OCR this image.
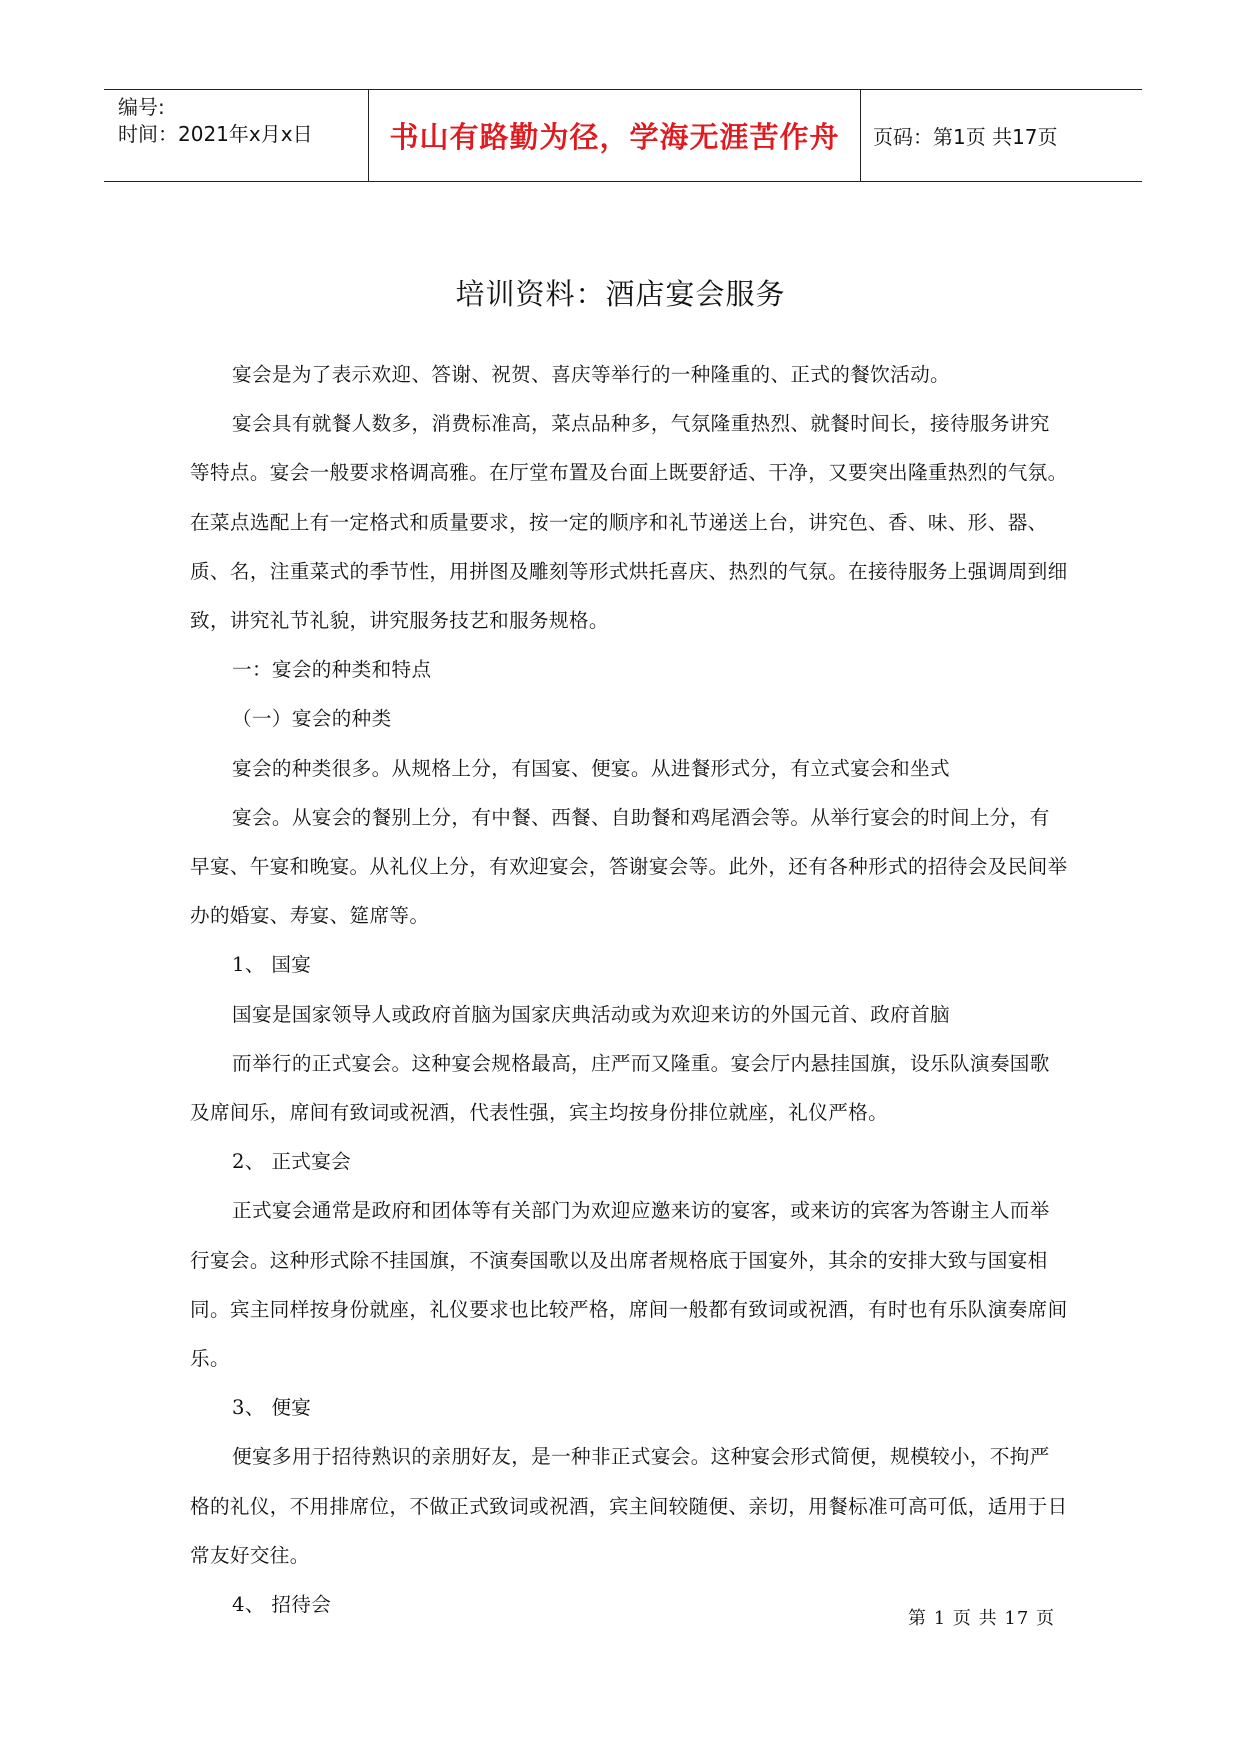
编号:
时间：2021年x月x日	书山有路勤为径，学海无涯苦作舟 页码：第1页 共17页
培训资料：酒店宴会服务

宴会是为了表示欢迎、答谢、祝贺、喜庆等举行的一种隆重的、正式的餐饮活动。

宴会具有就餐人数多，消费标准高，菜点品种多，气氛隆重热烈、就餐时间长，接待服务讲究等特点。宴会一般要求格调高雅。在厅堂布置及台面上既要舒适、干净，又要突出隆重热烈的气氛。在菜点选配上有一定格式和质量要求，按一定的顺序和礼节递送上台，讲究色、香、味、形、器、质、名，注重菜式的季节性，用拼图及雕刻等形式烘托喜庆、热烈的气氛。在接待服务上强调周到细致，讲究礼节礼貌，讲究服务技艺和服务规格。

一：宴会的种类和特点

（一）宴会的种类

宴会的种类很多。从规格上分，有国宴、便宴。从进餐形式分，有立式宴会和坐式

宴会。从宴会的餐别上分，有中餐、西餐、自助餐和鸡尾酒会等。从举行宴会的时间上分，有早宴、午宴和晚宴。从礼仪上分，有欢迎宴会，答谢宴会等。此外，还有各种形式的招待会及民间举办的婚宴、寿宴、筵席等。

1、 国宴

国宴是国家领导人或政府首脑为国家庆典活动或为欢迎来访的外国元首、政府首脑

而举行的正式宴会。这种宴会规格最高，庄严而又隆重。宴会厅内悬挂国旗，设乐队演奏国歌及席间乐，席间有致词或祝酒，代表性强，宾主均按身份排位就座，礼仪严格。

2、 正式宴会

正式宴会通常是政府和团体等有关部门为欢迎应邀来访的宴客，或来访的宾客为答谢主人而举行宴会。这种形式除不挂国旗，不演奏国歌以及出席者规格底于国宴外，其余的安排大致与国宴相同。宾主同样按身份就座，礼仪要求也比较严格，席间一般都有致词或祝酒，有时也有乐队演奏席间乐。

3、 便宴

便宴多用于招待熟识的亲朋好友，是一种非正式宴会。这种宴会形式简便，规模较小，不拘严格的礼仪，不用排席位，不做正式致词或祝酒，宾主间较随便、亲切，用餐标准可高可低，适用于日常友好交往。

4、 招待会

第 1 页 共 17 页
